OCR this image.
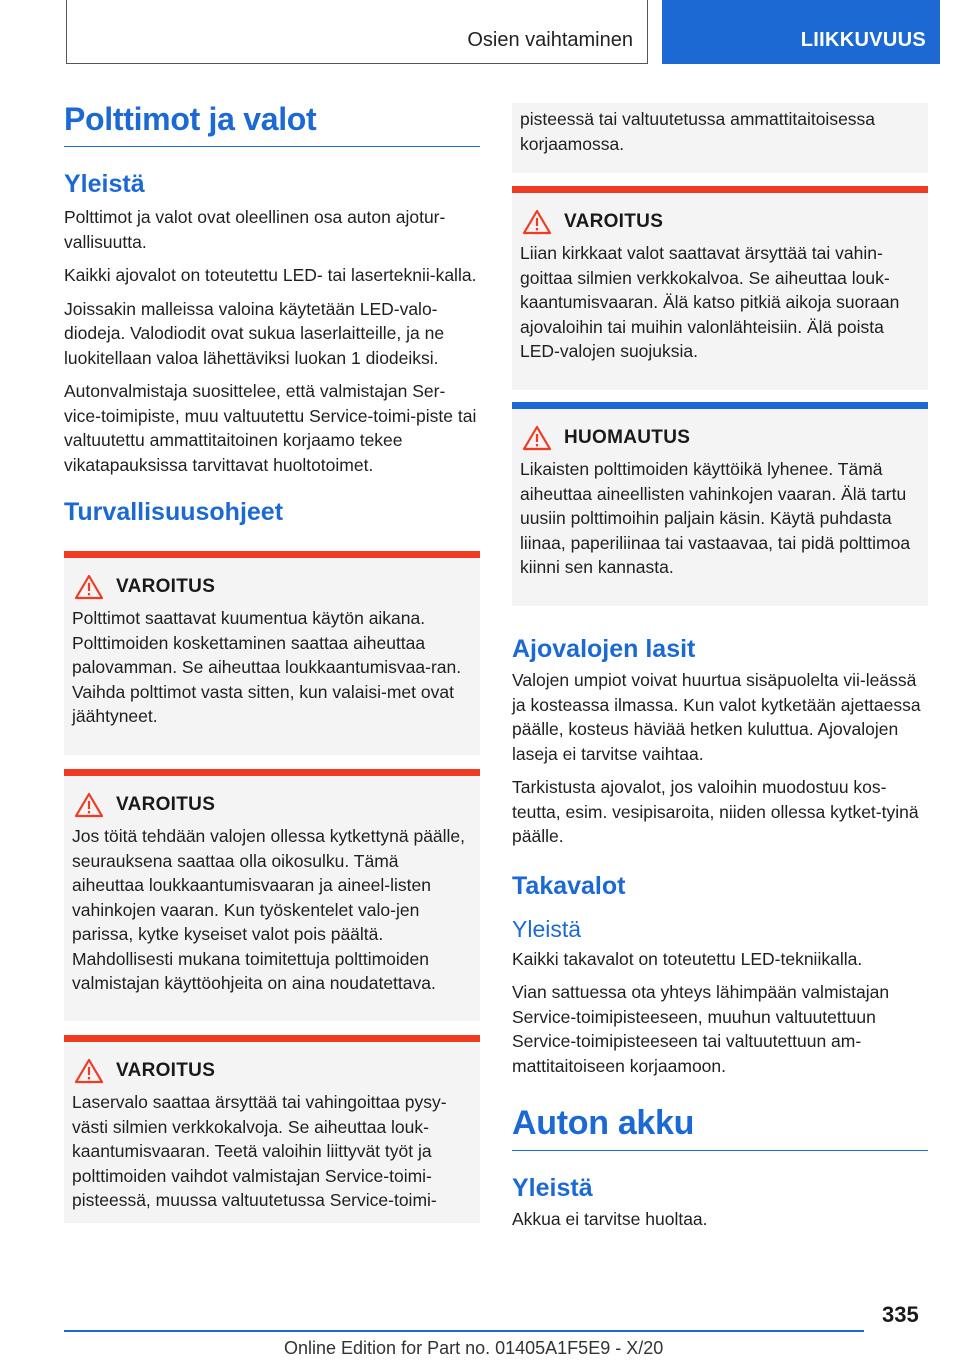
Osien vaihtaminen	LIIKKUVUUS
Polttimot ja valot
Yleistä

Polttimot ja valot ovat oleellinen osa auton ajotur-vallisuutta.

Kaikki ajovalot on toteutettu LED- tai laserteknii-kalla.

Joissakin malleissa valoina käytetään LED-valo-diodeja. Valodiodit ovat sukua laserlaitteille, ja ne luokitellaan valoa lähettäviksi luokan 1 diodeiksi.

Autonvalmistaja suosittelee, että valmistajan Ser-vice-toimipiste, muu valtuutettu Service-toimi-piste tai valtuutettu ammattitaitoinen korjaamo tekee vikatapauksissa tarvittavat huoltotoimet.

Turvallisuusohjeet
VAROITUS

Polttimot saattavat kuumentua käytön aikana. Polttimoiden koskettaminen saattaa aiheuttaa palovamman. Se aiheuttaa loukkaantumisvaa-ran. Vaihda polttimot vasta sitten, kun valaisi-met ovat jäähtyneet.

VAROITUS

Jos töitä tehdään valojen ollessa kytkettynä päälle, seurauksena saattaa olla oikosulku. Tämä aiheuttaa loukkaantumisvaaran ja aineel-listen vahinkojen vaaran. Kun työskentelet valo-jen parissa, kytke kyseiset valot pois päältä. Mahdollisesti mukana toimitettuja polttimoiden valmistajan käyttöohjeita on aina noudatettava.

VAROITUS

Laservalo saattaa ärsyttää tai vahingoittaa pysy-västi silmien verkkokalvoja. Se aiheuttaa louk-kaantumisvaaran. Teetä valoihin liittyvät työt ja polttimoiden vaihdot valmistajan Service-toimi-pisteessä, muussa valtuutetussa Service-toimi-

pisteessä tai valtuutetussa ammattitaitoisessa korjaamossa.

VAROITUS

Liian kirkkaat valot saattavat ärsyttää tai vahin-goittaa silmien verkkokalvoa. Se aiheuttaa louk-kaantumisvaaran. Älä katso pitkiä aikoja suoraan ajovaloihin tai muihin valonlähteisiin. Älä poista LED-valojen suojuksia.

HUOMAUTUS

Likaisten polttimoiden käyttöikä lyhenee. Tämä aiheuttaa aineellisten vahinkojen vaaran. Älä tartu uusiin polttimoihin paljain käsin. Käytä puhdasta liinaa, paperiliinaa tai vastaavaa, tai pidä polttimoa kiinni sen kannasta.

Ajovalojen lasit

Valojen umpiot voivat huurtua sisäpuolelta vii-leässä ja kosteassa ilmassa. Kun valot kytketään ajettaessa päälle, kosteus häviää hetken kuluttua. Ajovalojen laseja ei tarvitse vaihtaa.

Tarkistusta ajovalot, jos valoihin muodostuu kos-teutta, esim. vesipisaroita, niiden ollessa kytket-tyinä päälle.

Takavalot
Yleistä

Kaikki takavalot on toteutettu LED-tekniikalla.

Vian sattuessa ota yhteys lähimpään valmistajan Service-toimipisteeseen, muuhun valtuutettuun Service-toimipisteeseen tai valtuutettuun am-mattitaitoiseen korjaamoon.

Auton akku
Yleistä

Akkua ei tarvitse huoltaa.

335
Online Edition for Part no. 01405A1F5E9 - X/20
